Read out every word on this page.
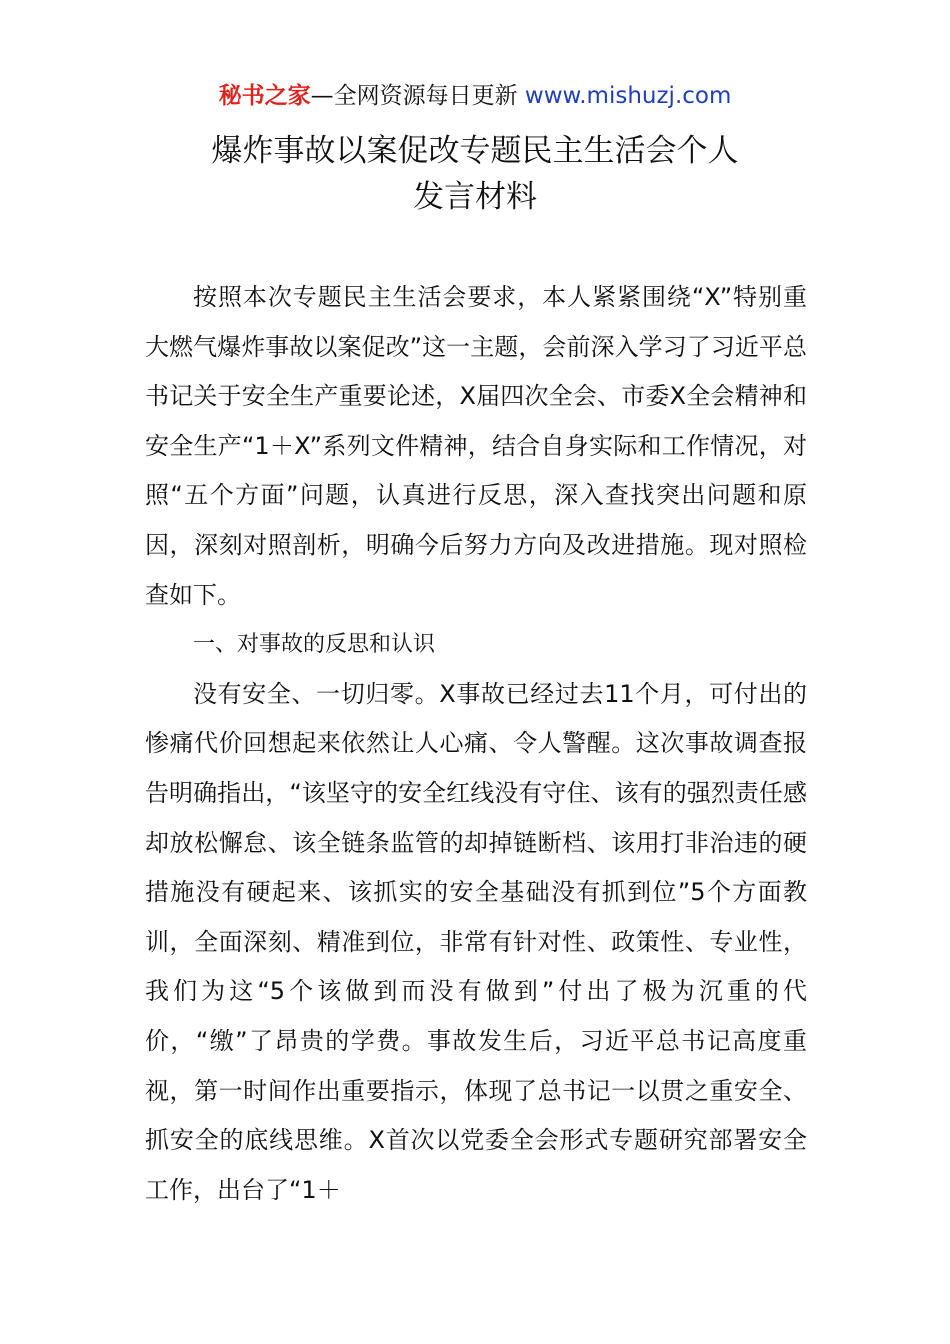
秘书之家—全网资源每日更新 www.mishuzj.com
爆炸事故以案促改专题民主生活会个人
发言材料

按照本次专题民主生活会要求，本人紧紧围绕“X”特别重大燃气爆炸事故以案促改”这一主题，会前深入学习了习近平总书记关于安全生产重要论述，X届四次全会、市委X全会精神和安全生产“1＋X”系列文件精神，结合自身实际和工作情况，对照“五个方面”问题，认真进行反思，深入查找突出问题和原因，深刻对照剖析，明确今后努力方向及改进措施。现对照检查如下。

一、对事故的反思和认识

没有安全、一切归零。X事故已经过去11个月，可付出的惨痛代价回想起来依然让人心痛、令人警醒。这次事故调查报告明确指出，“该坚守的安全红线没有守住、该有的强烈责任感却放松懈怠、该全链条监管的却掉链断档、该用打非治违的硬措施没有硬起来、该抓实的安全基础没有抓到位”5个方面教训，全面深刻、精准到位，非常有针对性、政策性、专业性，我们为这“5个该做到而没有做到”付出了极为沉重的代价，“缴”了昂贵的学费。事故发生后，习近平总书记高度重视，第一时间作出重要指示，体现了总书记一以贯之重安全、抓安全的底线思维。X首次以党委全会形式专题研究部署安全工作，出台了“1＋
